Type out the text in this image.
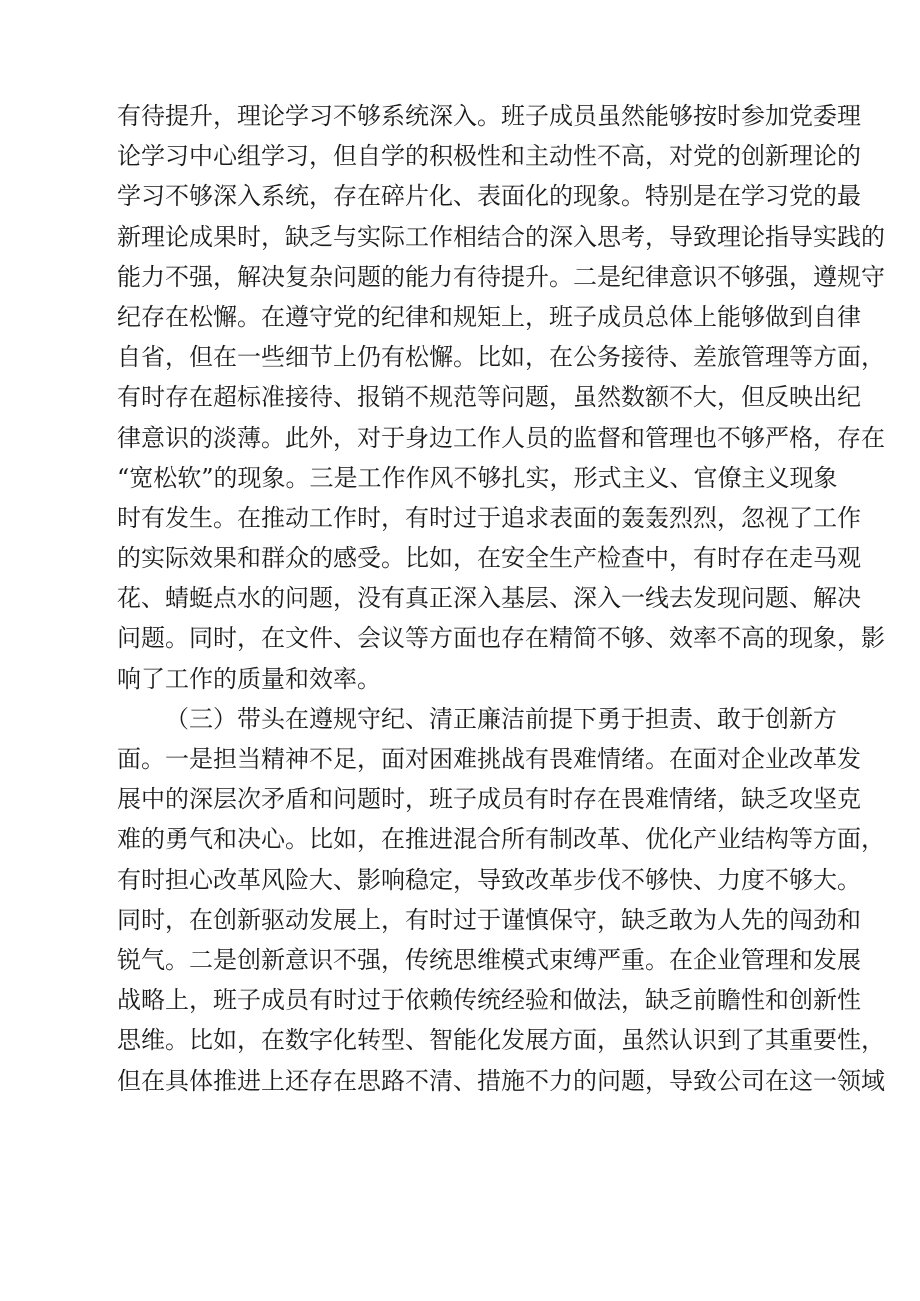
有待提升，理论学习不够系统深入。班子成员虽然能够按时参加党委理
论学习中心组学习，但自学的积极性和主动性不高，对党的创新理论的
学习不够深入系统，存在碎片化、表面化的现象。特别是在学习党的最
新理论成果时，缺乏与实际工作相结合的深入思考，导致理论指导实践的
能力不强，解决复杂问题的能力有待提升。二是纪律意识不够强，遵规守
纪存在松懈。在遵守党的纪律和规矩上，班子成员总体上能够做到自律
自省，但在一些细节上仍有松懈。比如，在公务接待、差旅管理等方面，
有时存在超标准接待、报销不规范等问题，虽然数额不大，但反映出纪
律意识的淡薄。此外，对于身边工作人员的监督和管理也不够严格，存在
“宽松软”的现象。三是工作作风不够扎实，形式主义、官僚主义现象
时有发生。在推动工作时，有时过于追求表面的轰轰烈烈，忽视了工作
的实际效果和群众的感受。比如，在安全生产检查中，有时存在走马观
花、蜻蜓点水的问题，没有真正深入基层、深入一线去发现问题、解决
问题。同时，在文件、会议等方面也存在精简不够、效率不高的现象，影
响了工作的质量和效率。
（三）带头在遵规守纪、清正廉洁前提下勇于担责、敢于创新方
面。一是担当精神不足，面对困难挑战有畏难情绪。在面对企业改革发
展中的深层次矛盾和问题时，班子成员有时存在畏难情绪，缺乏攻坚克
难的勇气和决心。比如，在推进混合所有制改革、优化产业结构等方面，
有时担心改革风险大、影响稳定，导致改革步伐不够快、力度不够大。
同时，在创新驱动发展上，有时过于谨慎保守，缺乏敢为人先的闯劲和
锐气。二是创新意识不强，传统思维模式束缚严重。在企业管理和发展
战略上，班子成员有时过于依赖传统经验和做法，缺乏前瞻性和创新性
思维。比如，在数字化转型、智能化发展方面，虽然认识到了其重要性，
但在具体推进上还存在思路不清、措施不力的问题，导致公司在这一领域
